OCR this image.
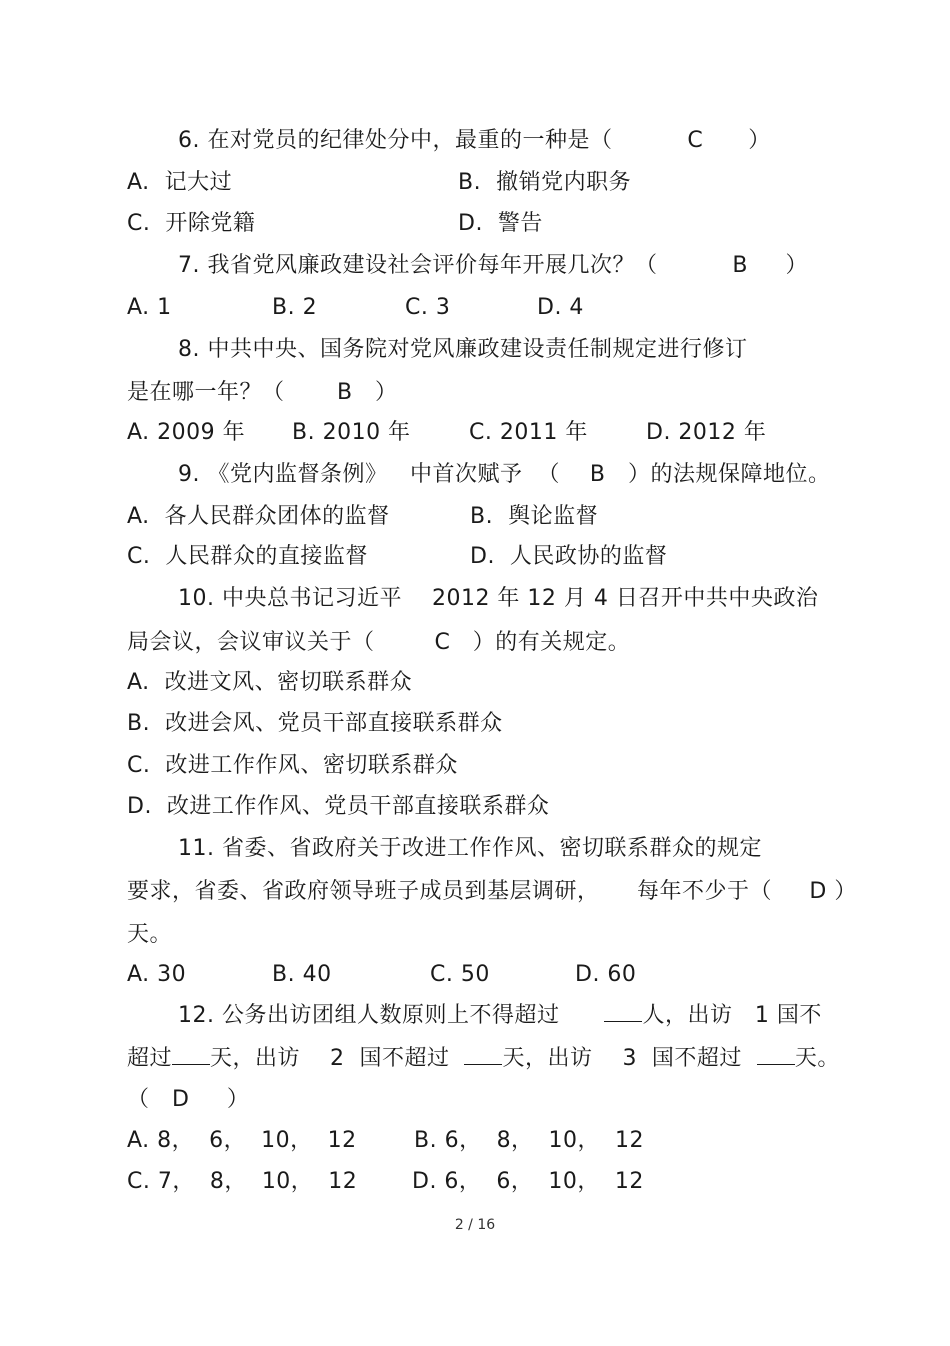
6. 在对党员的纪律处分中，最重的一种是（          C      ）
A.  记大过	B.  撤销党内职务
C.  开除党籍	D.  警告
7. 我省党风廉政建设社会评价每年开展几次？（          B     ）
A. 1	B. 2	C. 3	D. 4
8. 中共中央、国务院对党风廉政建设责任制规定进行修订
是在哪一年？（       B   ）
A. 2009 年 B. 2010 年	C. 2011 年	D. 2012 年
9. 《党内监督条例》   中首次赋予  （    B   ）的法规保障地位。
A.  各人民群众团体的监督	B.  舆论监督
C.  人民群众的直接监督	D.  人民政协的监督
10. 中央总书记习近平    2012 年 12 月 4 日召开中共中央政治
局会议，会议审议关于（        C   ）的有关规定。
A.  改进文风、密切联系群众
B.  改进会风、党员干部直接联系群众
C.  改进工作作风、密切联系群众
D.  改进工作作风、党员干部直接联系群众
11. 省委、省政府关于改进工作作风、密切联系群众的规定
要求，省委、省政府领导班子成员到基层调研，     每年不少于（     D ）
天。
A. 30	B. 40	C. 50	D. 60
12. 公务出访团组人数原则上不得超过      人，出访   1 国不
超过 天，出访    2  国不超过  天，出访    3  国不超过  天。
（   D     ）
A. 8，  6，  10，  12	B. 6，  8，  10，  12
C. 7，  8，  10，  12 D. 6，  6，  10，  12
2 / 16
